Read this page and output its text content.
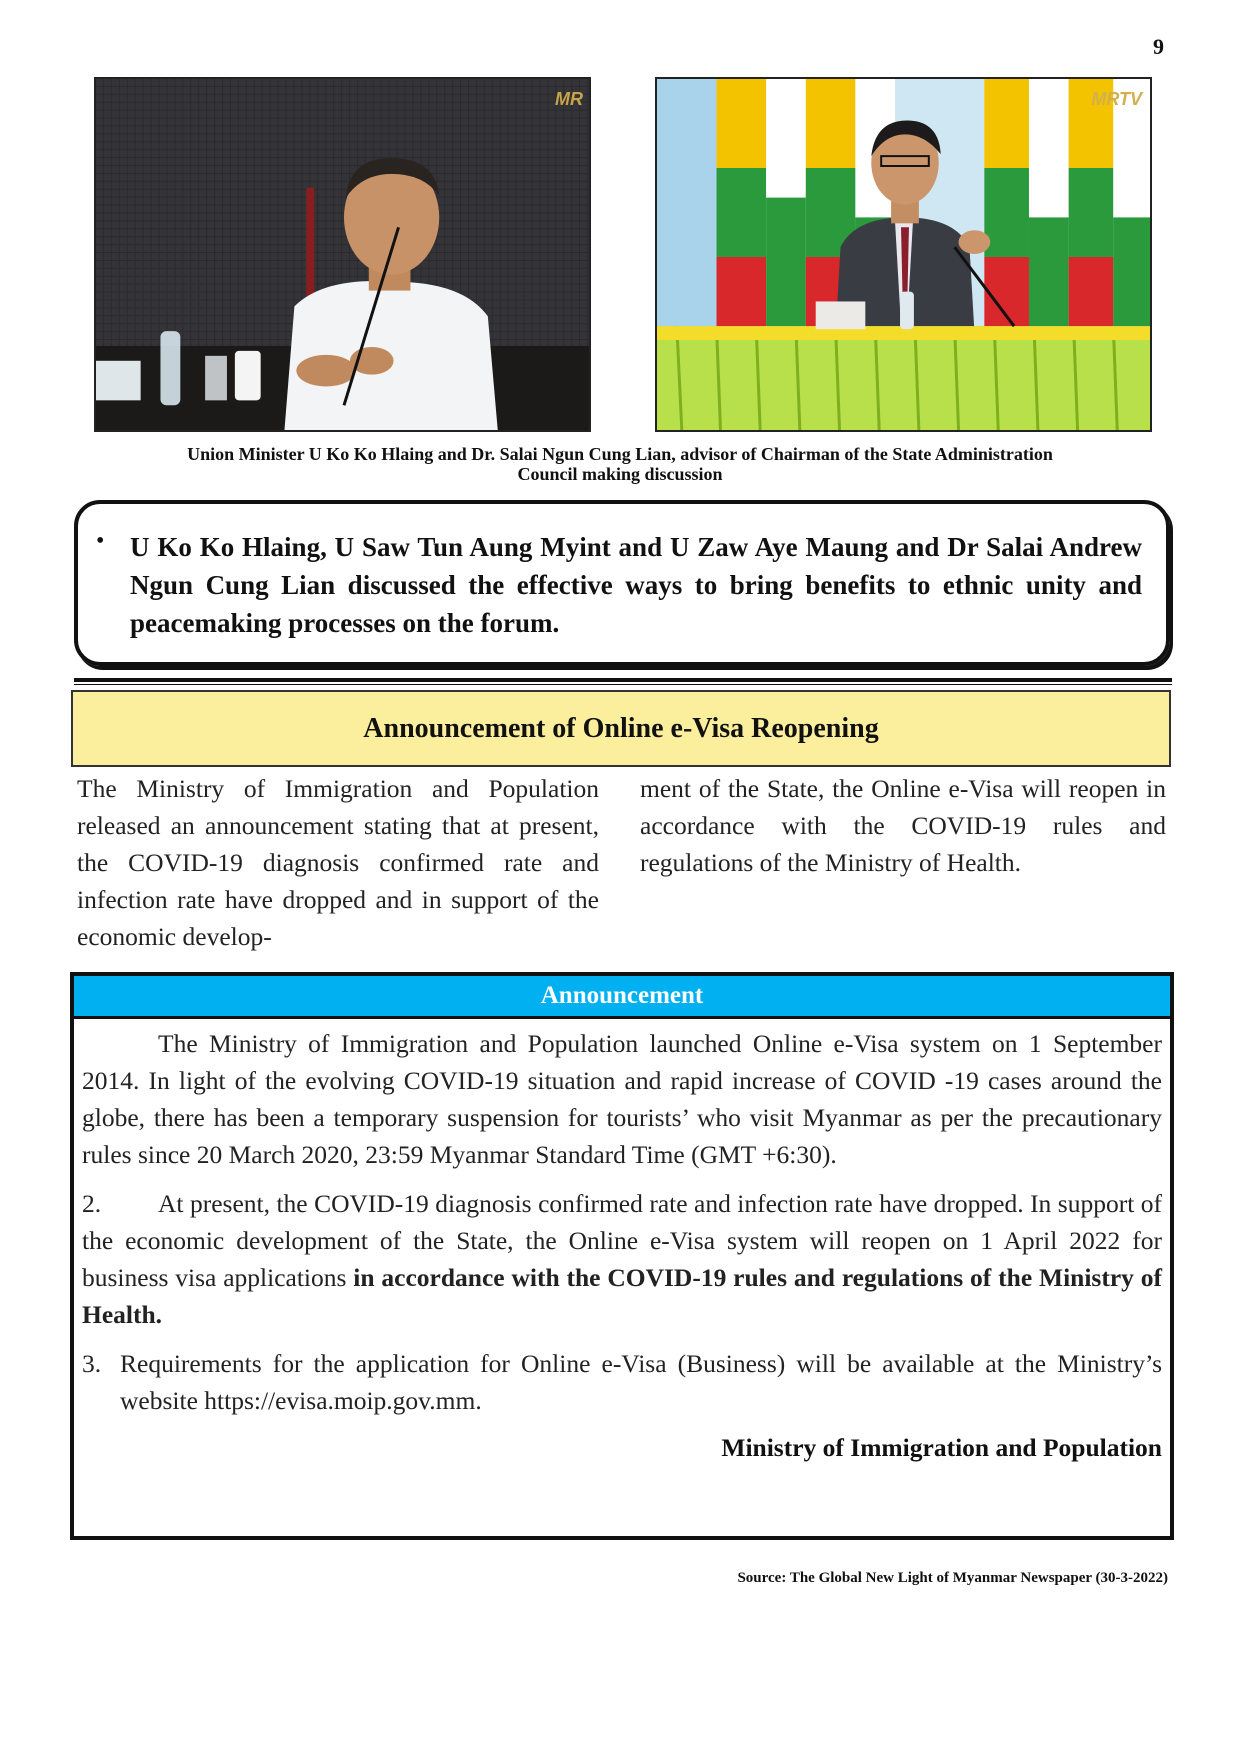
9
MR	MRTV
Union Minister U Ko Ko Hlaing and Dr. Salai Ngun Cung Lian, advisor of Chairman of the State Administration
Council making discussion
• U Ko Ko Hlaing, U Saw Tun Aung Myint and U Zaw Aye Maung and Dr Salai Andrew Ngun Cung Lian discussed the effective ways to bring benefits to ethnic unity and peacemaking processes on the forum.
Announcement of Online e-Visa Reopening
The Ministry of Immigration and Population released an announcement stating that at present, the COVID-19 diagnosis confirmed rate and infection rate have dropped and in support of the economic develop-
ment of the State, the Online e-Visa will reopen in accordance with the COVID-19 rules and regulations of the Ministry of Health.
Announcement

The Ministry of Immigration and Population launched Online e-Visa system on 1 September 2014. In light of the evolving COVID-19 situation and rapid increase of COVID -19 cases around the globe, there has been a temporary suspension for tourists’ who visit Myanmar as per the precautionary rules since 20 March 2020, 23:59 Myanmar Standard Time (GMT +6:30).

2. At present, the COVID-19 diagnosis confirmed rate and infection rate have dropped. In support of the economic development of the State, the Online e-Visa system will reopen on 1 April 2022 for business visa applications in accordance with the COVID-19 rules and regulations of the Ministry of Health.

3. Requirements for the application for Online e-Visa (Business) will be available at the Ministry’s website https://evisa.moip.gov.mm.

Ministry of Immigration and Population
Source: The Global New Light of Myanmar Newspaper (30-3-2022)
